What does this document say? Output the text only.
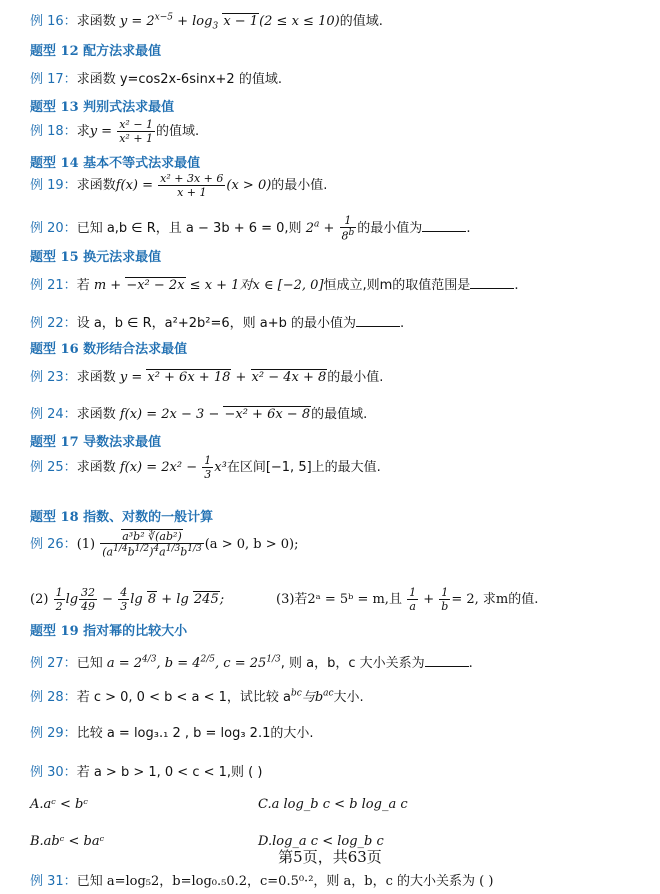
例 16：求函数 $y = 2^{x-5} + \log_3 x - 1(2 \le x \le 10)$的值域.
题型 12 配方法求最值
例 17：求函数 y=cos2x-6sinx+2 的值域.
题型 13 判别式法求最值
例 18：求$y = \frac{\text{x² − 1}}{\text{x² + 1}}$ 的值域.
题型 14 基本不等式法求最值
例 19：求函数$f(x) = \frac{\text{x² + 3x + 6}}{x + 1} (x > 0)$的最小值.
例 20：已知 a,b ∈ R，且 a − 3b + 6 = 0,则 $2^a + \frac{1}{8^b}$ 的最小值为	.
题型 15 换元法求最值
例 21：若 m + −x² − 2x ≤ x + 1对x ∈ [−2, 0]恒成立,则m的取值范围是	.
例 22：设 a，b ∈ R，a²+2b²=6，则 a+b 的最小值为	.
题型 16 数形结合法求最值
例 23：求函数 y = x² + 6x + 18 + x² − 4x + 8的最小值.
例 24：求函数 f(x) = 2x − 3 − −x² + 6x − 8的最值域.
题型 17 导数法求最值
例 25：求函数 $f(x) = 2x^2 - \frac{1}{3} x^3$在区间[−1, 5]上的最大值.
题型 18 指数、对数的一般计算
例 26：$(1) \frac{\text{a³b² ∛(ab²)}}{(a^{1/4}b^{1/2})^4a^{1/3}b^{1/3}} (a > 0$, b > 0);
$(2) \frac{1}{2}$ $\lg \frac{32}{49} - \frac{4}{3}$ lg 8 + lg 245;	(3)若2ᵃ = 5ᵇ = m,且 $\frac{1}{a} + \frac{1}{b} = 2$, 求m的值.
题型 19 指对幂的比较大小
例 27：已知 $a = 2^{4/3}$, $b = 4^{2/5}$, $c = 25^{1/3}$, 则 a，b，c 大小关系为	.
例 28：若 c > 0, 0 < b < a < 1，试比较 $a^{bc}$与$b^{ac}$大小.
例 29：比较 a = log₃.₁ 2 , b = log₃ 2.1的大小.
例 30：若 a > b > 1, 0 < c < 1,则 ( )
A.aᶜ < bᶜ	C.a log_b c < b log_a c
B.abᶜ < baᶜ	D.log_a c < log_b c
第5页，共63页
例 31：已知 a=log₅2，b=log₀.₅0.2，c=0.5⁰·²，则 a，b，c 的大小关系为 ( )
